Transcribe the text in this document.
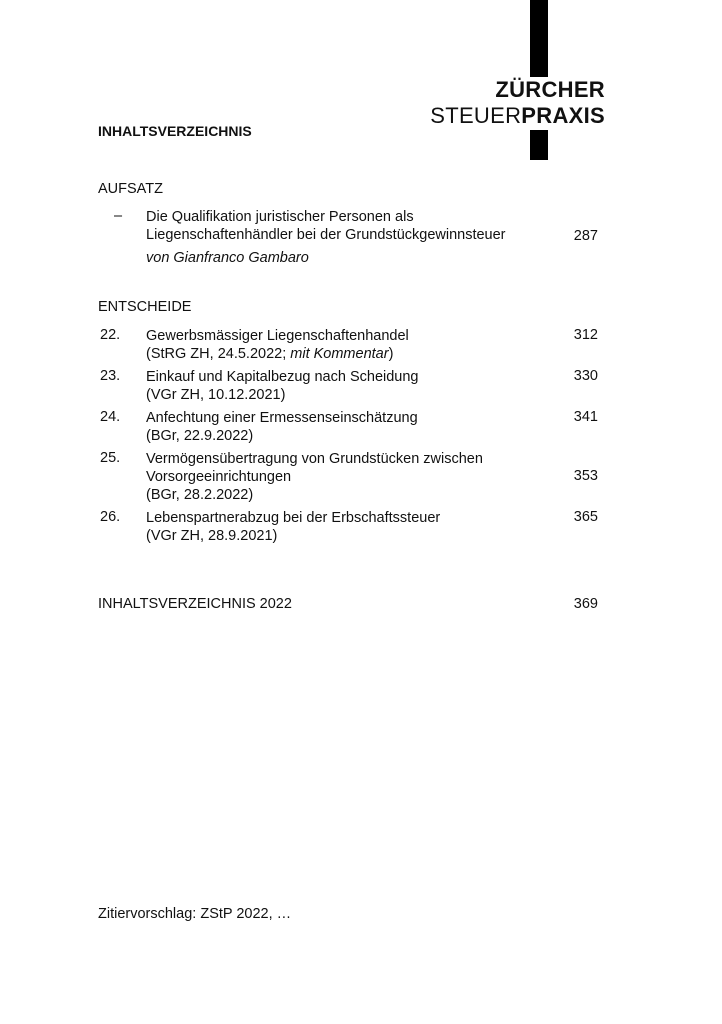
ZÜRCHER
STEUERPRAXIS
INHALTSVERZEICHNIS
AUFSATZ
– Die Qualifikation juristischer Personen als
Liegenschaftenhändler bei der Grundstückgewinnsteuer
von Gianfranco Gambaro
287
ENTSCHEIDE
22. Gewerbsmässiger Liegenschaftenhandel
(StRG ZH, 24.5.2022; mit Kommentar)
312
23. Einkauf und Kapitalbezug nach Scheidung
(VGr ZH, 10.12.2021)
330
24. Anfechtung einer Ermessenseinschätzung
(BGr, 22.9.2022)
341
25. Vermögensübertragung von Grundstücken zwischen
Vorsorgeeinrichtungen
(BGr, 28.2.2022)
353
26. Lebenspartnerabzug bei der Erbschaftssteuer
(VGr ZH, 28.9.2021)
365
INHALTSVERZEICHNIS 2022	369
Zitiervorschlag: ZStP 2022, …
